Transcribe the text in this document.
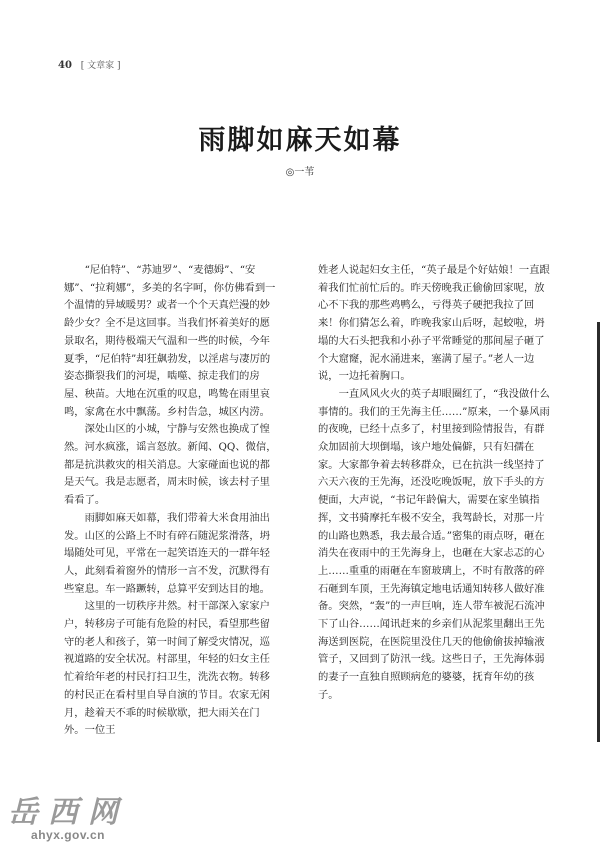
40 [ 文章家 ]
雨脚如麻天如幕
◎一苇

“尼伯特”、“苏迪罗”、“麦德姆”、“安娜”、“拉莉娜”，多美的名字呵，你仿佛看到一个温情的异域暖男？或者一个个天真烂漫的妙龄少女？全不是这回事。当我们怀着美好的愿景取名，期待极端天气温和一些的时候，今年夏季，“尼伯特”却狂飙勃发，以淫虐与凄厉的姿态撕裂我们的河堤，啮噬、掠走我们的房屋、秧苗。大地在沉重的叹息，鸣鸷在雨里哀鸣，家禽在水中飘荡。乡村告急，城区内涝。

深处山区的小城，宁静与安然也换成了惶然。河水疯涨，谣言怒放。新闻、QQ、微信，都是抗洪救灾的相关消息。大家碰面也说的都是天气。我是志愿者，周末时候，该去村子里看看了。

雨脚如麻天如幕，我们带着大米食用油出发。山区的公路上不时有碎石随泥浆滑落，坍塌随处可见，平常在一起笑语连天的一群年轻人，此刻看着窗外的情形一言不发，沉默得有些窒息。车一路蹶转，总算平安到达目的地。

这里的一切秩序井然。村干部深入家家户户，转移房子可能有危险的村民，看望那些留守的老人和孩子，第一时间了解受灾情况，巡视道路的安全状况。村部里，年轻的妇女主任忙着给年老的村民打扫卫生，洗洗衣物。转移的村民正在看村里自导自演的节目。农家无闲月，趁着天不乖的时候歇歇，把大雨关在门外。一位王

姓老人说起妇女主任，“英子最是个好姑娘！一直跟着我们忙前忙后的。昨天傍晚我正偷偷回家呢，放心不下我的那些鸡鸭么，亏得英子硬把我拉了回来！你们猜怎么着，昨晚我家山后呀，起蛟啦，坍塌的大石头把我和小孙子平常睡觉的那间屋子砸了个大窟窿，泥水涌进来，塞满了屋子。”老人一边说，一边托着胸口。

一直风风火火的英子却眼圈红了，“我没做什么事情的。我们的王先海主任……”原来，一个暴风雨的夜晚，已经十点多了，村里接到险情报告，有群众加固前大坝倒塌，该户地处偏僻，只有妇孺在家。大家都争着去转移群众，已在抗洪一线坚持了六天六夜的王先海，还没吃晚饭呢，放下手头的方便面，大声说，“书记年龄偏大，需要在家坐镇指挥，文书骑摩托车极不安全，我驾龄长，对那一片的山路也熟悉，我去最合适。”密集的雨点呀，砸在消失在夜雨中的王先海身上，也砸在大家忐忑的心上……重重的雨砸在车窗玻璃上，不时有散落的碎石砸到车顶，王先海镇定地电话通知转移人做好准备。突然，“轰”的一声巨响，连人带车被泥石流冲下了山谷……闻讯赶来的乡亲们从泥浆里翻出王先海送到医院，在医院里没住几天的他偷偷拔掉输液管子，又回到了防汛一线。这些日子，王先海体弱的妻子一直独自照顾病危的婆婆，抚育年幼的孩子。

岳西网
ahyx.gov.cn
